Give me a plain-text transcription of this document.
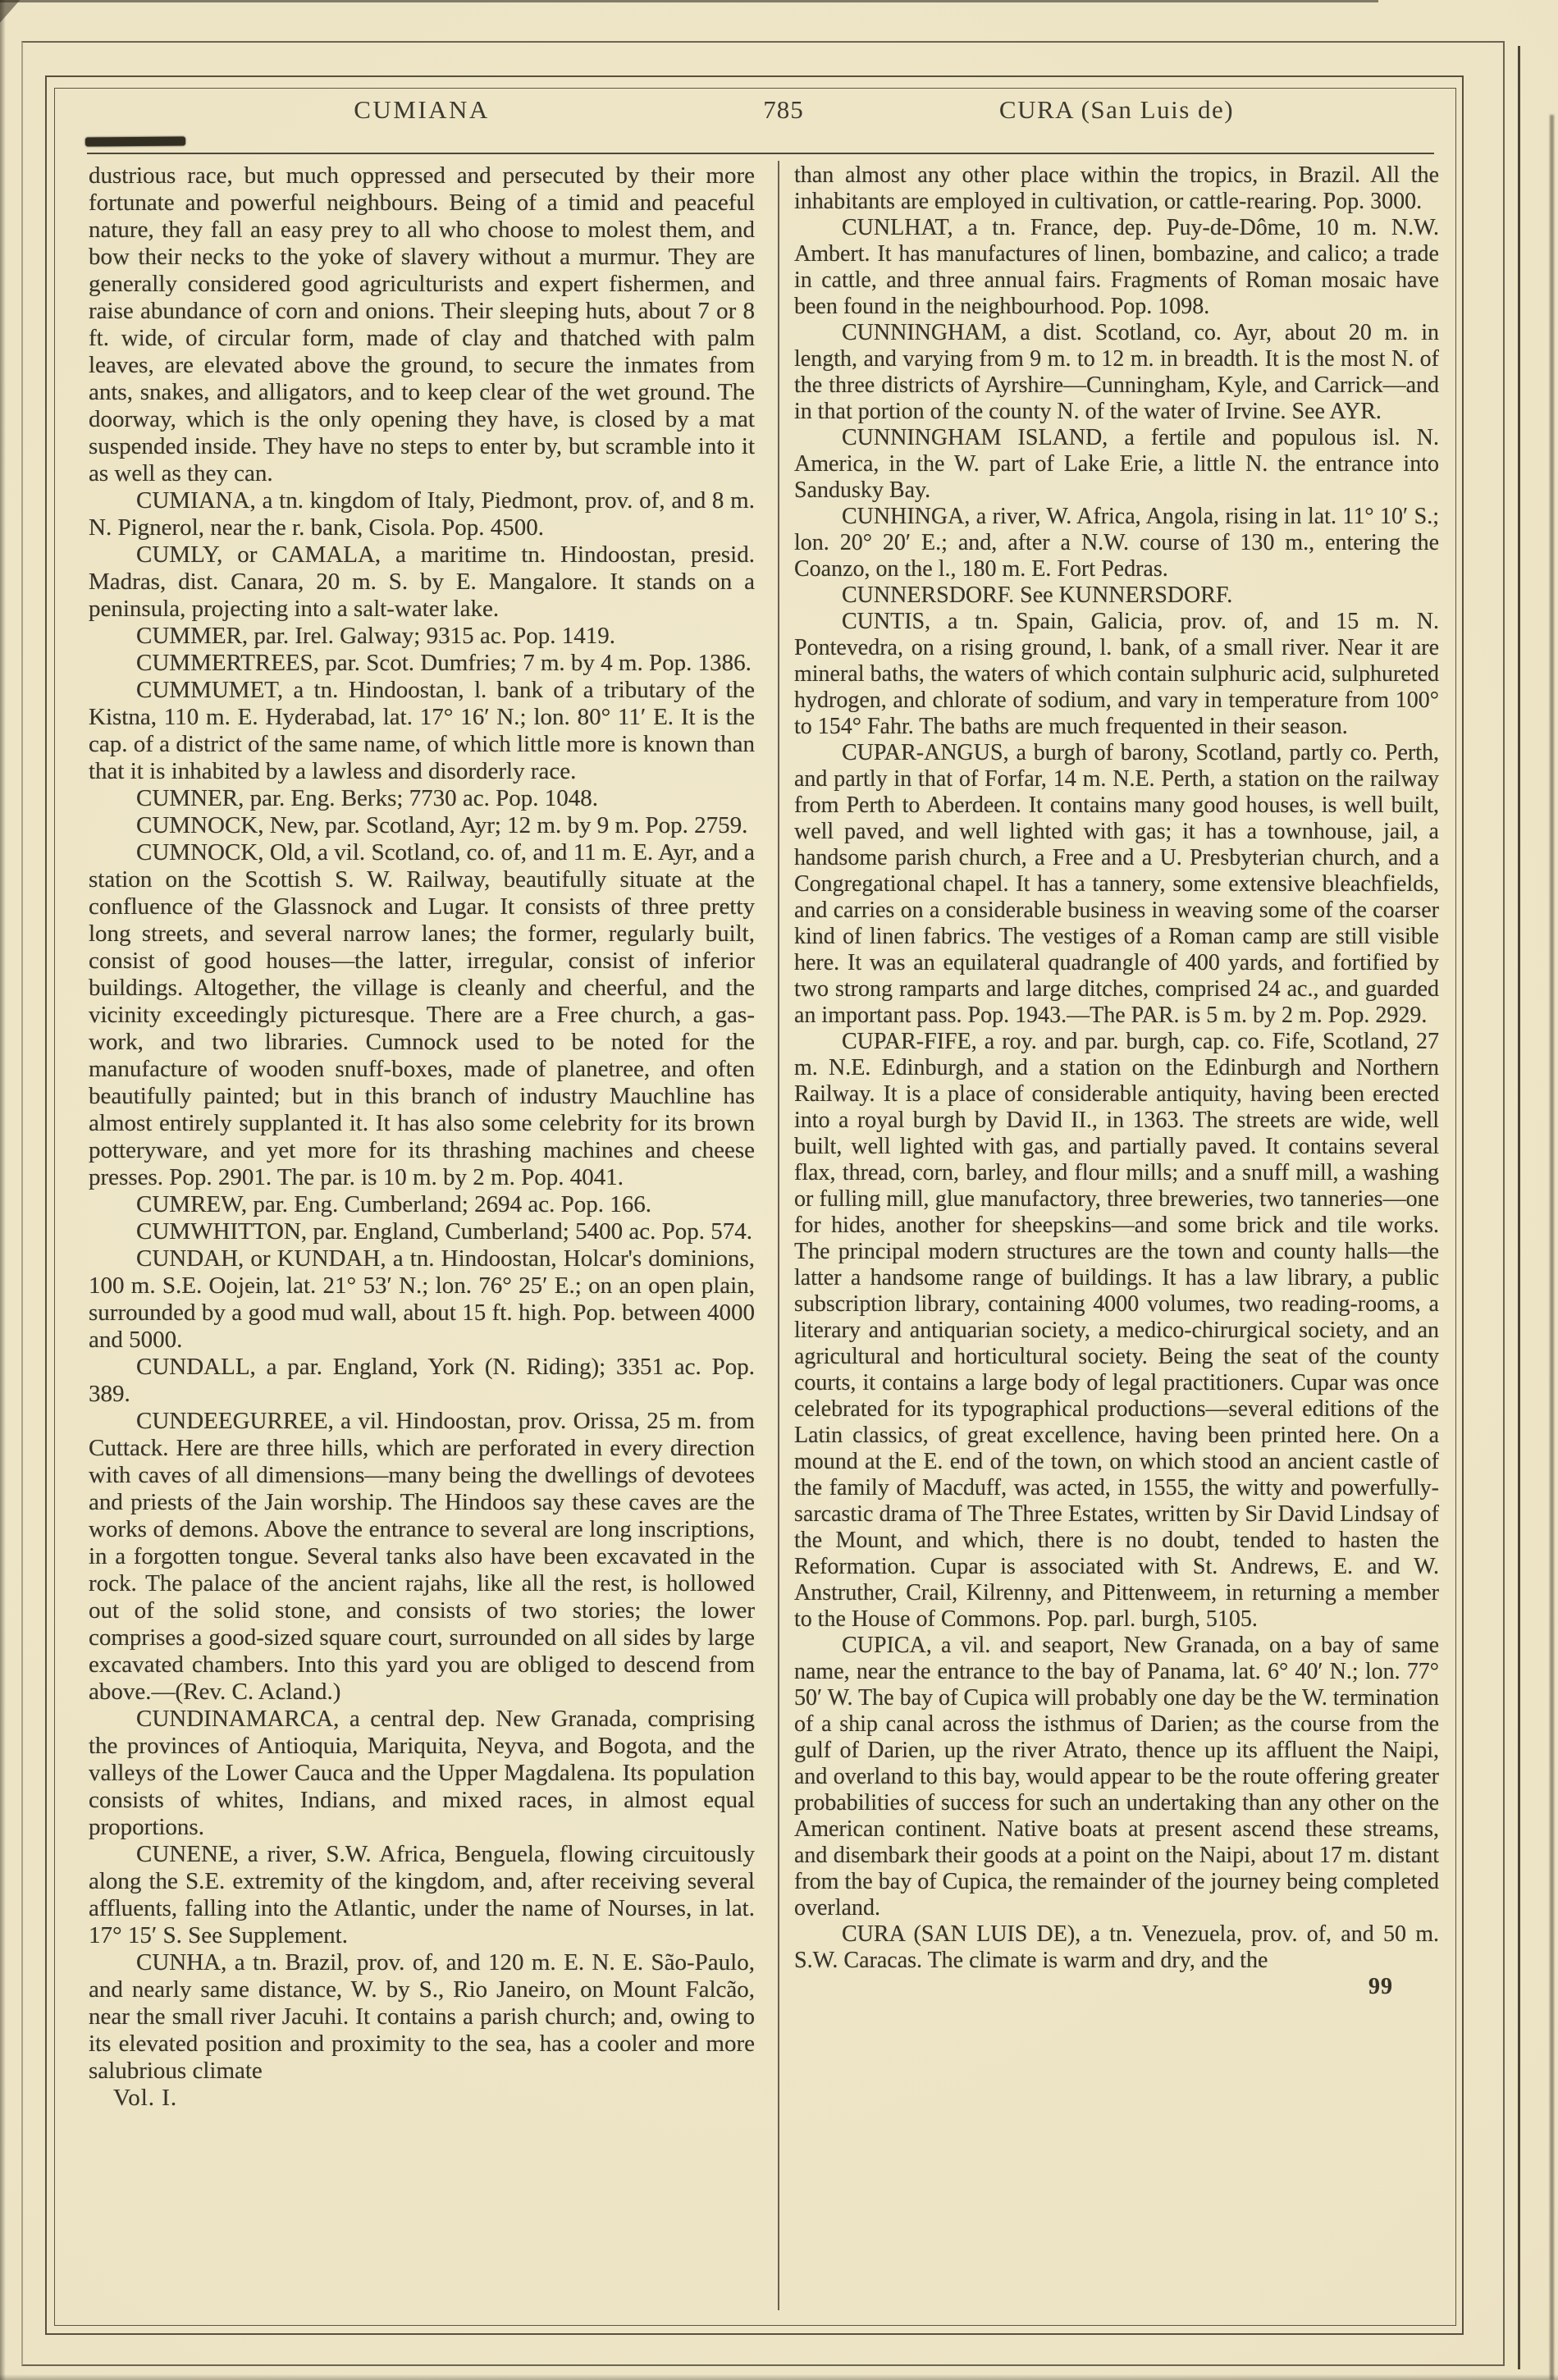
CUMIANA	785	CURA (San Luis de)

dustrious race, but much oppressed and persecuted by their more fortunate and powerful neighbours. Being of a timid and peaceful nature, they fall an easy prey to all who choose to molest them, and bow their necks to the yoke of slavery without a murmur. They are generally considered good agriculturists and expert fishermen, and raise abundance of corn and onions. Their sleeping huts, about 7 or 8 ft. wide, of circular form, made of clay and thatched with palm leaves, are elevated above the ground, to secure the inmates from ants, snakes, and alligators, and to keep clear of the wet ground. The doorway, which is the only opening they have, is closed by a mat suspended inside. They have no steps to enter by, but scramble into it as well as they can.

CUMIANA, a tn. kingdom of Italy, Piedmont, prov. of, and 8 m. N. Pignerol, near the r. bank, Cisola. Pop. 4500.

CUMLY, or CAMALA, a maritime tn. Hindoostan, presid. Madras, dist. Canara, 20 m. S. by E. Mangalore. It stands on a peninsula, projecting into a salt-water lake.

CUMMER, par. Irel. Galway; 9315 ac. Pop. 1419.

CUMMERTREES, par. Scot. Dumfries; 7 m. by 4 m. Pop. 1386.

CUMMUMET, a tn. Hindoostan, l. bank of a tributary of the Kistna, 110 m. E. Hyderabad, lat. 17° 16′ N.; lon. 80° 11′ E. It is the cap. of a district of the same name, of which little more is known than that it is inhabited by a lawless and disorderly race.

CUMNER, par. Eng. Berks; 7730 ac. Pop. 1048.

CUMNOCK, New, par. Scotland, Ayr; 12 m. by 9 m. Pop. 2759.

CUMNOCK, Old, a vil. Scotland, co. of, and 11 m. E. Ayr, and a station on the Scottish S. W. Railway, beautifully situate at the confluence of the Glassnock and Lugar. It consists of three pretty long streets, and several narrow lanes; the former, regularly built, consist of good houses—the latter, irregular, consist of inferior buildings. Altogether, the village is cleanly and cheerful, and the vicinity exceedingly picturesque. There are a Free church, a gas-work, and two libraries. Cumnock used to be noted for the manufacture of wooden snuff-boxes, made of planetree, and often beautifully painted; but in this branch of industry Mauchline has almost entirely supplanted it. It has also some celebrity for its brown potteryware, and yet more for its thrashing machines and cheese presses. Pop. 2901. The par. is 10 m. by 2 m. Pop. 4041.

CUMREW, par. Eng. Cumberland; 2694 ac. Pop. 166.

CUMWHITTON, par. England, Cumberland; 5400 ac. Pop. 574.

CUNDAH, or KUNDAH, a tn. Hindoostan, Holcar's dominions, 100 m. S.E. Oojein, lat. 21° 53′ N.; lon. 76° 25′ E.; on an open plain, surrounded by a good mud wall, about 15 ft. high. Pop. between 4000 and 5000.

CUNDALL, a par. England, York (N. Riding); 3351 ac. Pop. 389.

CUNDEEGURREE, a vil. Hindoostan, prov. Orissa, 25 m. from Cuttack. Here are three hills, which are perforated in every direction with caves of all dimensions—many being the dwellings of devotees and priests of the Jain worship. The Hindoos say these caves are the works of demons. Above the entrance to several are long inscriptions, in a forgotten tongue. Several tanks also have been excavated in the rock. The palace of the ancient rajahs, like all the rest, is hollowed out of the solid stone, and consists of two stories; the lower comprises a good-sized square court, surrounded on all sides by large excavated chambers. Into this yard you are obliged to descend from above.—(Rev. C. Acland.)

CUNDINAMARCA, a central dep. New Granada, comprising the provinces of Antioquia, Mariquita, Neyva, and Bogota, and the valleys of the Lower Cauca and the Upper Magdalena. Its population consists of whites, Indians, and mixed races, in almost equal proportions.

CUNENE, a river, S.W. Africa, Benguela, flowing circuitously along the S.E. extremity of the kingdom, and, after receiving several affluents, falling into the Atlantic, under the name of Nourses, in lat. 17° 15′ S. See Supplement.

CUNHA, a tn. Brazil, prov. of, and 120 m. E. N. E. São-Paulo, and nearly same distance, W. by S., Rio Janeiro, on Mount Falcão, near the small river Jacuhi. It contains a parish church; and, owing to its elevated position and proximity to the sea, has a cooler and more salubrious climate

Vol. I.

than almost any other place within the tropics, in Brazil. All the inhabitants are employed in cultivation, or cattle-rearing. Pop. 3000.

CUNLHAT, a tn. France, dep. Puy-de-Dôme, 10 m. N.W. Ambert. It has manufactures of linen, bombazine, and calico; a trade in cattle, and three annual fairs. Fragments of Roman mosaic have been found in the neighbourhood. Pop. 1098.

CUNNINGHAM, a dist. Scotland, co. Ayr, about 20 m. in length, and varying from 9 m. to 12 m. in breadth. It is the most N. of the three districts of Ayrshire—Cunningham, Kyle, and Carrick—and in that portion of the county N. of the water of Irvine. See AYR.

CUNNINGHAM ISLAND, a fertile and populous isl. N. America, in the W. part of Lake Erie, a little N. the entrance into Sandusky Bay.

CUNHINGA, a river, W. Africa, Angola, rising in lat. 11° 10′ S.; lon. 20° 20′ E.; and, after a N.W. course of 130 m., entering the Coanzo, on the l., 180 m. E. Fort Pedras.

CUNNERSDORF. See KUNNERSDORF.

CUNTIS, a tn. Spain, Galicia, prov. of, and 15 m. N. Pontevedra, on a rising ground, l. bank, of a small river. Near it are mineral baths, the waters of which contain sulphuric acid, sulphureted hydrogen, and chlorate of sodium, and vary in temperature from 100° to 154° Fahr. The baths are much frequented in their season.

CUPAR-ANGUS, a burgh of barony, Scotland, partly co. Perth, and partly in that of Forfar, 14 m. N.E. Perth, a station on the railway from Perth to Aberdeen. It contains many good houses, is well built, well paved, and well lighted with gas; it has a townhouse, jail, a handsome parish church, a Free and a U. Presbyterian church, and a Congregational chapel. It has a tannery, some extensive bleachfields, and carries on a considerable business in weaving some of the coarser kind of linen fabrics. The vestiges of a Roman camp are still visible here. It was an equilateral quadrangle of 400 yards, and fortified by two strong ramparts and large ditches, comprised 24 ac., and guarded an important pass. Pop. 1943.—The PAR. is 5 m. by 2 m. Pop. 2929.

CUPAR-FIFE, a roy. and par. burgh, cap. co. Fife, Scotland, 27 m. N.E. Edinburgh, and a station on the Edinburgh and Northern Railway. It is a place of considerable antiquity, having been erected into a royal burgh by David II., in 1363. The streets are wide, well built, well lighted with gas, and partially paved. It contains several flax, thread, corn, barley, and flour mills; and a snuff mill, a washing or fulling mill, glue manufactory, three breweries, two tanneries—one for hides, another for sheepskins—and some brick and tile works. The principal modern structures are the town and county halls—the latter a handsome range of buildings. It has a law library, a public subscription library, containing 4000 volumes, two reading-rooms, a literary and antiquarian society, a medico-chirurgical society, and an agricultural and horticultural society. Being the seat of the county courts, it contains a large body of legal practitioners. Cupar was once celebrated for its typographical productions—several editions of the Latin classics, of great excellence, having been printed here. On a mound at the E. end of the town, on which stood an ancient castle of the family of Macduff, was acted, in 1555, the witty and powerfully-sarcastic drama of The Three Estates, written by Sir David Lindsay of the Mount, and which, there is no doubt, tended to hasten the Reformation. Cupar is associated with St. Andrews, E. and W. Anstruther, Crail, Kilrenny, and Pittenweem, in returning a member to the House of Commons. Pop. parl. burgh, 5105.

CUPICA, a vil. and seaport, New Granada, on a bay of same name, near the entrance to the bay of Panama, lat. 6° 40′ N.; lon. 77° 50′ W. The bay of Cupica will probably one day be the W. termination of a ship canal across the isthmus of Darien; as the course from the gulf of Darien, up the river Atrato, thence up its affluent the Naipi, and overland to this bay, would appear to be the route offering greater probabilities of success for such an undertaking than any other on the American continent. Native boats at present ascend these streams, and disembark their goods at a point on the Naipi, about 17 m. distant from the bay of Cupica, the remainder of the journey being completed overland.

CURA (SAN LUIS DE), a tn. Venezuela, prov. of, and 50 m. S.W. Caracas. The climate is warm and dry, and the

99
